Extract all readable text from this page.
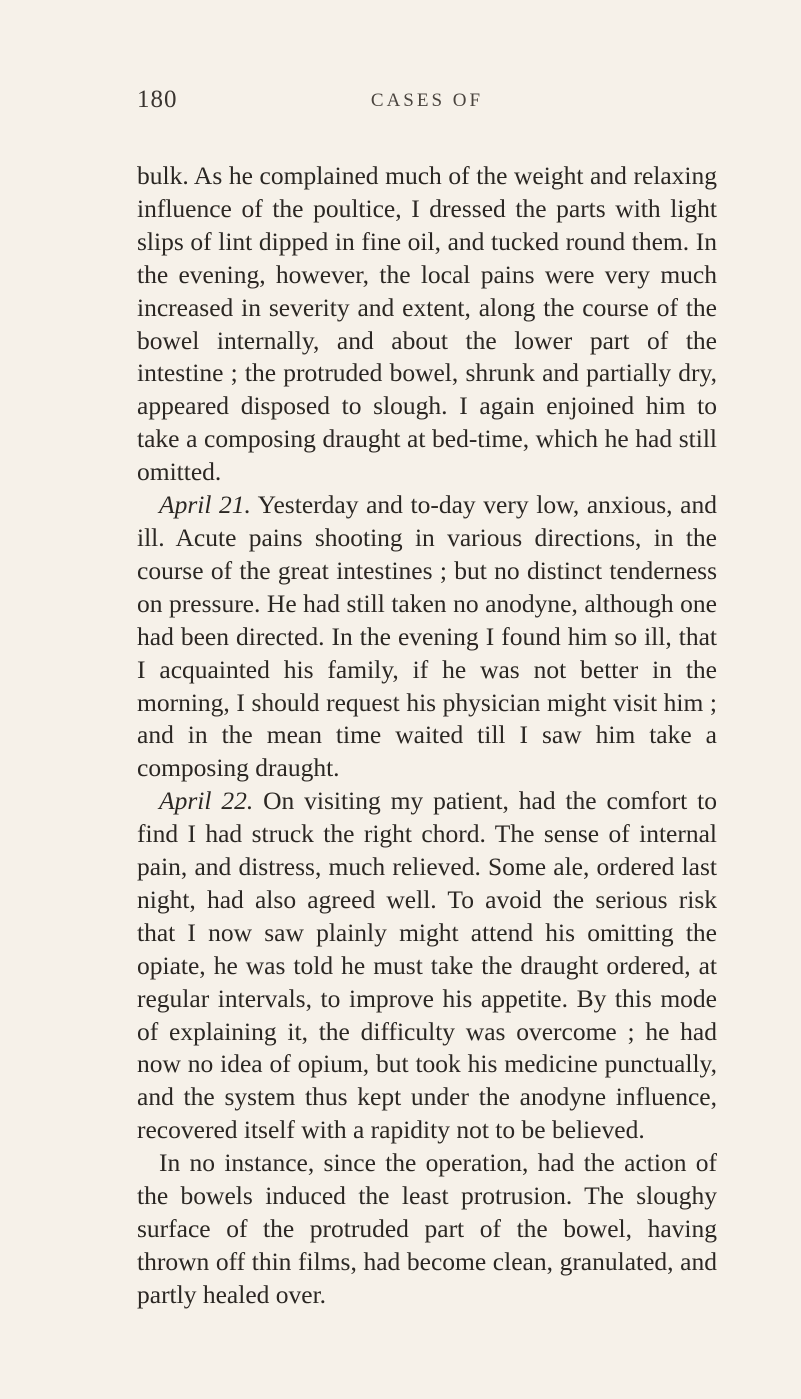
180	CASES OF

bulk. As he complained much of the weight and relaxing influence of the poultice, I dressed the parts with light slips of lint dipped in fine oil, and tucked round them. In the evening, however, the local pains were very much increased in severity and extent, along the course of the bowel internally, and about the lower part of the intestine ; the protruded bowel, shrunk and partially dry, appeared disposed to slough. I again enjoined him to take a composing draught at bed-time, which he had still omitted.

April 21. Yesterday and to-day very low, anxious, and ill. Acute pains shooting in various directions, in the course of the great intestines ; but no distinct tenderness on pressure. He had still taken no anodyne, although one had been directed. In the evening I found him so ill, that I acquainted his family, if he was not better in the morning, I should request his physician might visit him ; and in the mean time waited till I saw him take a composing draught.

April 22. On visiting my patient, had the comfort to find I had struck the right chord. The sense of internal pain, and distress, much relieved. Some ale, ordered last night, had also agreed well. To avoid the serious risk that I now saw plainly might attend his omitting the opiate, he was told he must take the draught ordered, at regular intervals, to improve his appetite. By this mode of explaining it, the difficulty was overcome ; he had now no idea of opium, but took his medicine punctually, and the system thus kept under the anodyne influence, recovered itself with a rapidity not to be believed.

In no instance, since the operation, had the action of the bowels induced the least protrusion. The sloughy surface of the protruded part of the bowel, having thrown off thin films, had become clean, granulated, and partly healed over.
